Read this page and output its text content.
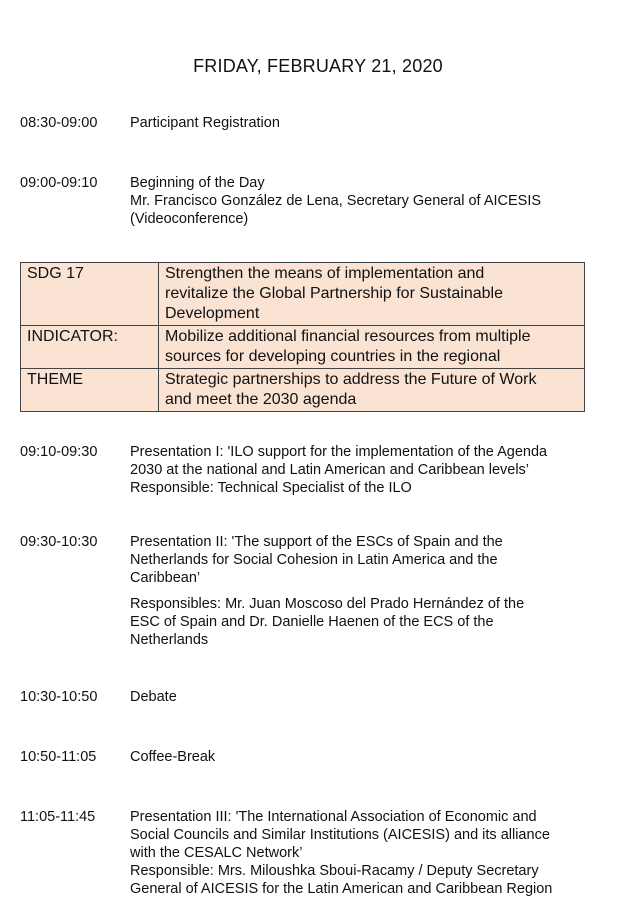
FRIDAY, FEBRUARY 21, 2020
08:30-09:00 Participant Registration
09:00-09:10 Beginning of the Day
Mr. Francisco González de Lena, Secretary General of AICESIS
(Videoconference)
SDG 17	Strengthen the means of implementation and
revitalize the Global Partnership for Sustainable
Development
INDICATOR:	Mobilize additional financial resources from multiple
sources for developing countries in the regional
THEME	Strategic partnerships to address the Future of Work
and meet the 2030 agenda
09:10-09:30 Presentation I: 'ILO support for the implementation of the Agenda
2030 at the national and Latin American and Caribbean levels’
Responsible: Technical Specialist of the ILO
09:30-10:30 Presentation II: 'The support of the ESCs of Spain and the
Netherlands for Social Cohesion in Latin America and the
Caribbean’
Responsibles: Mr. Juan Moscoso del Prado Hernández of the
ESC of Spain and Dr. Danielle Haenen of the ECS of the
Netherlands
10:30-10:50 Debate
10:50-11:05 Coffee-Break
11:05-11:45 Presentation III: 'The International Association of Economic and
Social Councils and Similar Institutions (AICESIS) and its alliance
with the CESALC Network’
Responsible: Mrs. Miloushka Sboui-Racamy / Deputy Secretary
General of AICESIS for the Latin American and Caribbean Region
